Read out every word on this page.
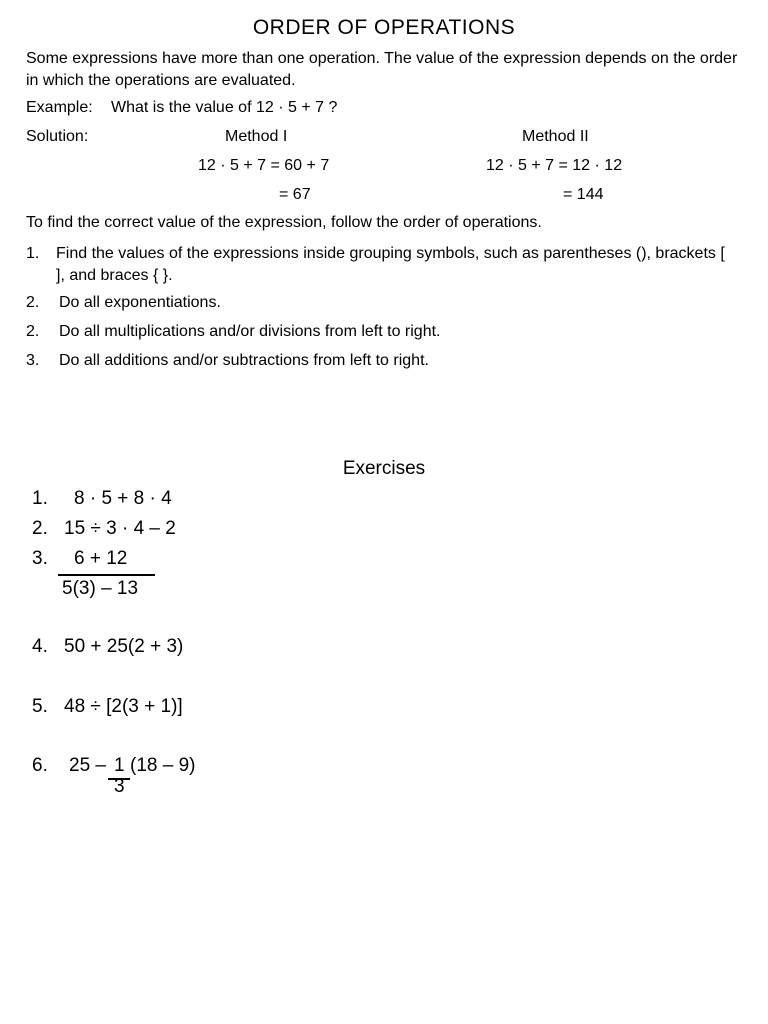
ORDER OF OPERATIONS
Some expressions have more than one operation. The value of the expression depends on the order in which the operations are evaluated.
Example: What is the value of 12 · 5 + 7 ?
Solution:	Method I	Method II
12 · 5 + 7 = 60 + 7	12 · 5 + 7 = 12 · 12
= 67	= 144
To find the correct value of the expression, follow the order of operations.
1. Find the values of the expressions inside grouping symbols, such as parentheses (), brackets [ ], and braces { }.
2. Do all exponentiations.
2. Do all multiplications and/or divisions from left to right.
3. Do all additions and/or subtractions from left to right.
Exercises
1. 8 · 5 + 8 · 4
2. 15 ÷ 3 · 4 – 2
3. 6 + 12
5(3) – 13
4. 50 + 25(2 + 3)
5. 48 ÷ [2(3 + 1)]
6. 25 – 1
3
(18 – 9)
